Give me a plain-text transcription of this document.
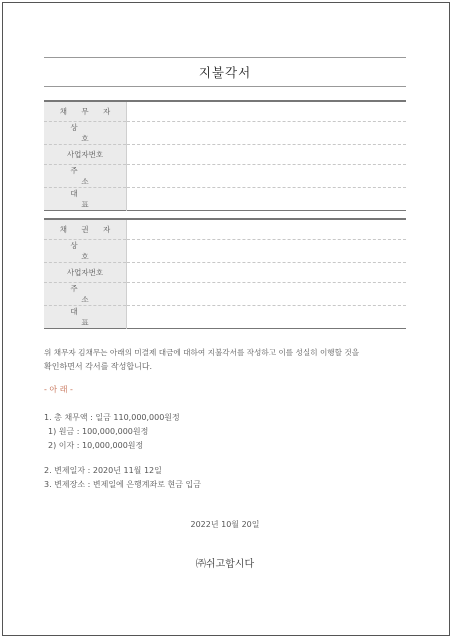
지불각서
채 무 자	
상 호	
사업자번호	
주 소	
대 표	
채 권 자	
상 호	
사업자번호	
주 소	
대 표	
위 채무자 김채무는 아래의 미결제 대금에 대하여 지불각서를 작성하고 이를 성실히 이행할 것을
확인하면서 각서를 작성합니다.
- 아 래 -
1. 총 채무액 : 일금 110,000,000원정
1) 원금 : 100,000,000원정
2) 이자 : 10,000,000원정
2. 변제일자 : 2020년 11월 12일
3. 변제장소 : 변제일에 은행계좌로 현금 입금
2022년 10월 20일
㈜쉬고합시다
